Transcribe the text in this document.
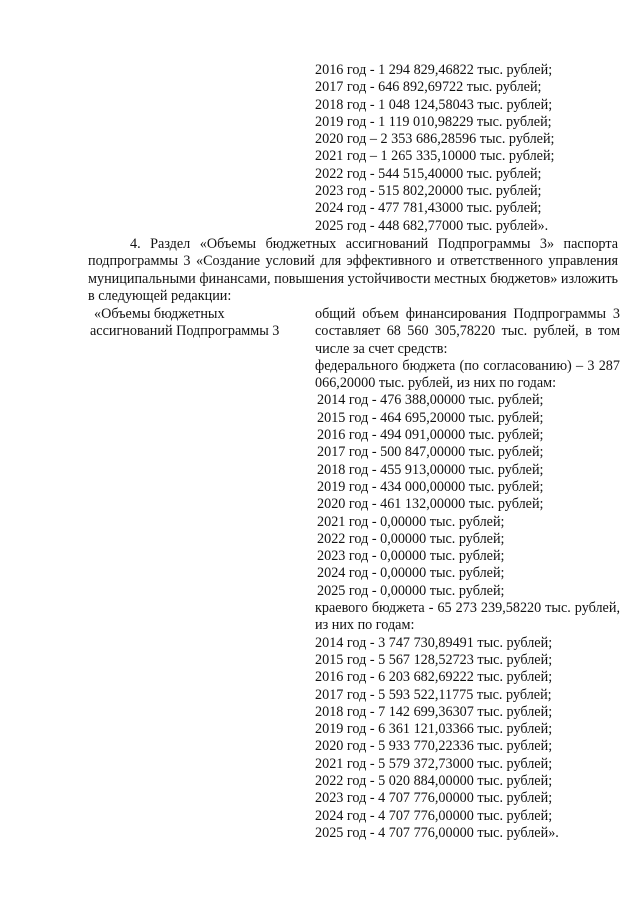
2016 год - 1 294 829,46822 тыс. рублей;
2017 год - 646 892,69722 тыс. рублей;
2018 год - 1 048 124,58043 тыс. рублей;
2019 год - 1 119 010,98229 тыс. рублей;
2020 год – 2 353 686,28596 тыс. рублей;
2021 год – 1 265 335,10000 тыс. рублей;
2022 год - 544 515,40000 тыс. рублей;
2023 год - 515 802,20000 тыс. рублей;
2024 год - 477 781,43000 тыс. рублей;
2025 год - 448 682,77000 тыс. рублей».
4. Раздел «Объемы бюджетных ассигнований Подпрограммы 3» паспорта подпрограммы 3 «Создание условий для эффективного и ответственного управления муниципальными финансами, повышения устойчивости местных бюджетов» изложить в следующей редакции:
«Объемы бюджетных
ассигнований Подпрограммы 3
общий объем финансирования Подпрограммы 3 составляет 68 560 305,78220 тыс. рублей, в том числе за счет средств:
федерального бюджета (по согласованию) – 3 287 066,20000 тыс. рублей, из них по годам:
2014 год - 476 388,00000 тыс. рублей;
2015 год - 464 695,20000 тыс. рублей;
2016 год - 494 091,00000 тыс. рублей;
2017 год - 500 847,00000 тыс. рублей;
2018 год - 455 913,00000 тыс. рублей;
2019 год - 434 000,00000 тыс. рублей;
2020 год - 461 132,00000 тыс. рублей;
2021 год - 0,00000 тыс. рублей;
2022 год - 0,00000 тыс. рублей;
2023 год - 0,00000 тыс. рублей;
2024 год - 0,00000 тыс. рублей;
2025 год - 0,00000 тыс. рублей;
краевого бюджета - 65 273 239,58220 тыс. рублей, из них по годам:
2014 год - 3 747 730,89491 тыс. рублей;
2015 год - 5 567 128,52723 тыс. рублей;
2016 год - 6 203 682,69222 тыс. рублей;
2017 год - 5 593 522,11775 тыс. рублей;
2018 год - 7 142 699,36307 тыс. рублей;
2019 год - 6 361 121,03366 тыс. рублей;
2020 год - 5 933 770,22336 тыс. рублей;
2021 год - 5 579 372,73000 тыс. рублей;
2022 год - 5 020 884,00000 тыс. рублей;
2023 год - 4 707 776,00000 тыс. рублей;
2024 год - 4 707 776,00000 тыс. рублей;
2025 год - 4 707 776,00000 тыс. рублей».
